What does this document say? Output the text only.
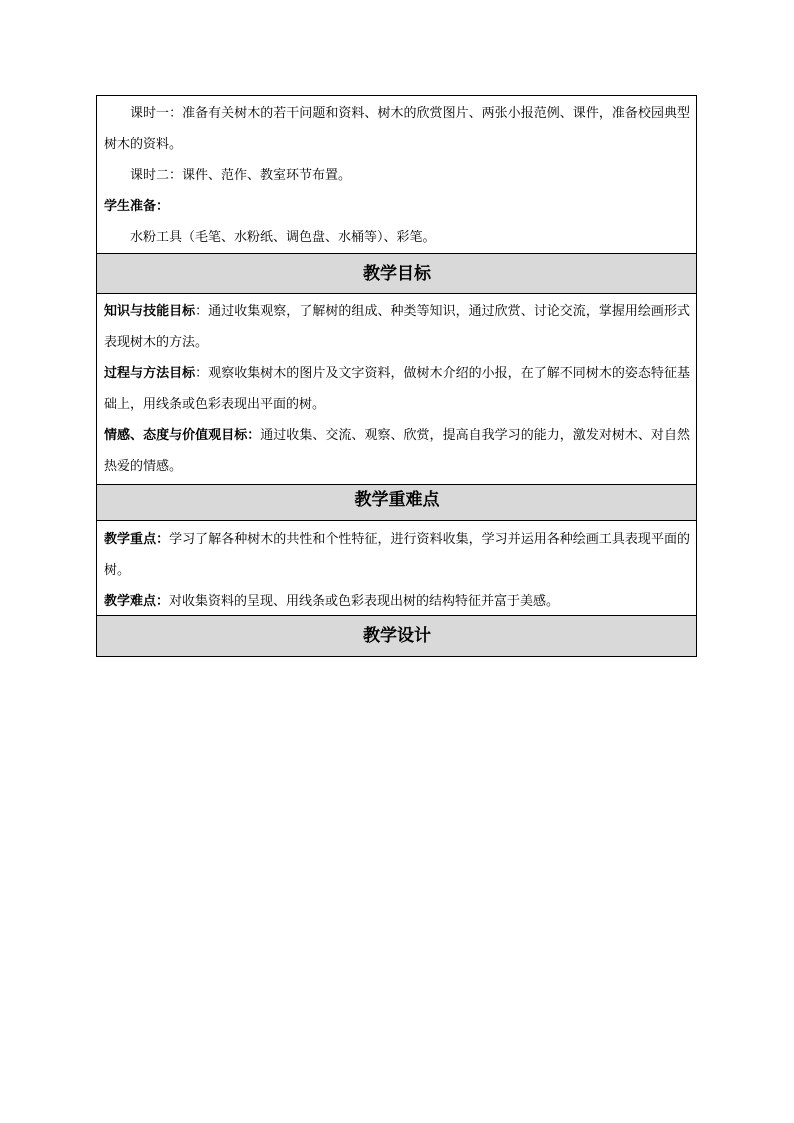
课时一：准备有关树木的若干问题和资料、树木的欣赏图片、两张小报范例、课件，准备校园典型树木的资料。

课时二：课件、范作、教室环节布置。

学生准备：

水粉工具（毛笔、水粉纸、调色盘、水桶等）、彩笔。

教学目标

知识与技能目标：通过收集观察，了解树的组成、种类等知识，通过欣赏、讨论交流，掌握用绘画形式表现树木的方法。

过程与方法目标：观察收集树木的图片及文字资料，做树木介绍的小报，在了解不同树木的姿态特征基础上，用线条或色彩表现出平面的树。

情感、态度与价值观目标：通过收集、交流、观察、欣赏，提高自我学习的能力，激发对树木、对自然热爱的情感。

教学重难点

教学重点：学习了解各种树木的共性和个性特征，进行资料收集，学习并运用各种绘画工具表现平面的树。

教学难点：对收集资料的呈现、用线条或色彩表现出树的结构特征并富于美感。

教学设计
